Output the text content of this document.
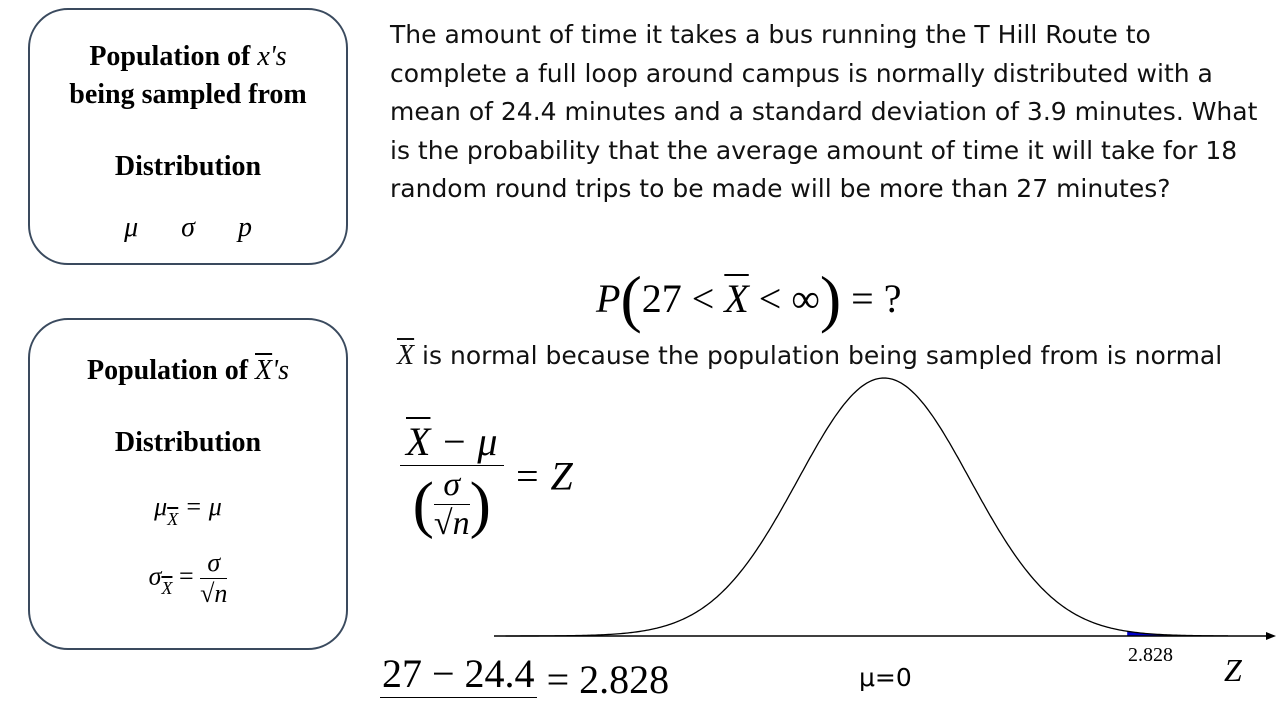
Population of x's
being sampled from
Distribution
μ σ p
Population of $\overline{X}'s$
Distribution
$\mu_{\overline{X}} = \mu$
$\sigma_{\overline{X}} = \frac{\sigma}{√n}$
The amount of time it takes a bus running the T Hill Route to complete a full loop around campus is normally distributed with a mean of 24.4 minutes and a standard deviation of 3.9 minutes. What is the probability that the average amount of time it will take for 18 random round trips to be made will be more than 27 minutes?
$P(27 < \overline{X}$ < ∞) = ?
$\overline{X}$ is normal because the population being sampled from is normal
$\frac{\overline{X} - \mu}{( \frac{\sigma}{√n} )} = Z$
μ=0
2.828 Z
27 − 24.4 = 2.828
